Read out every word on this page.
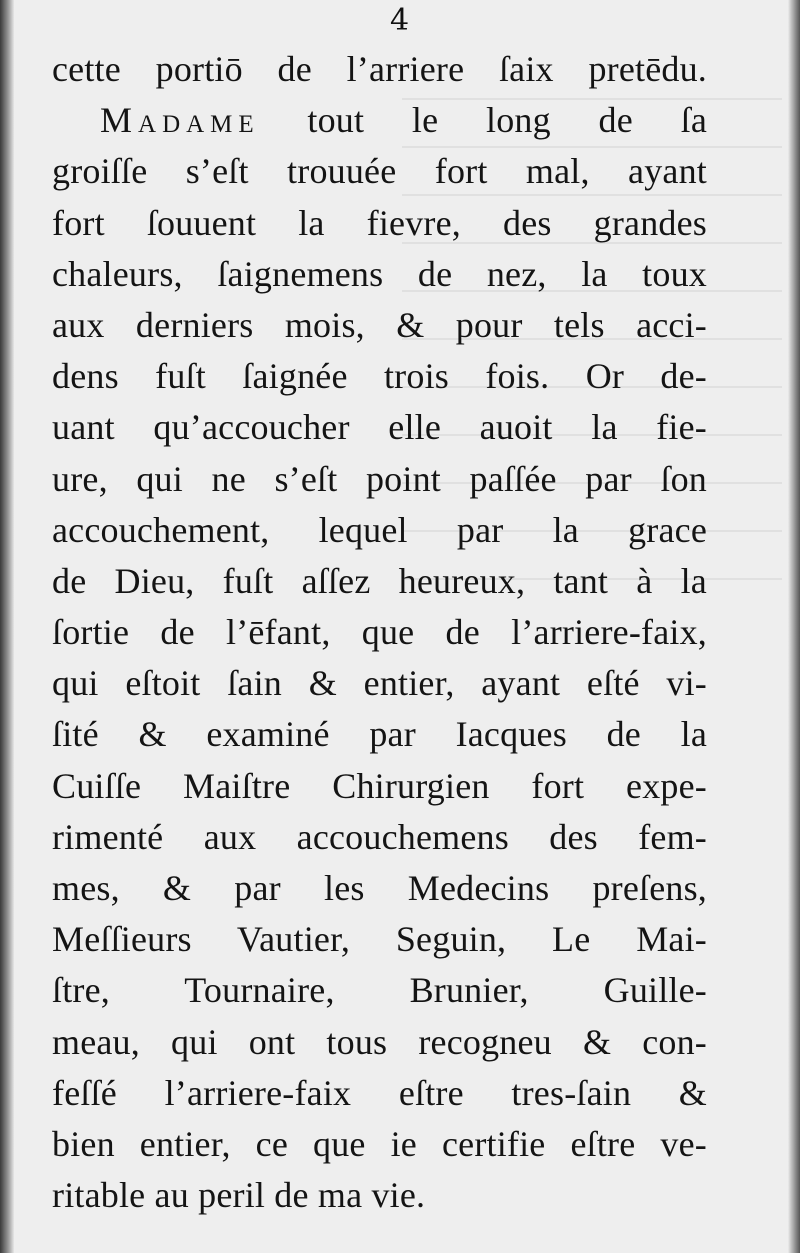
4
cette portiō de l’arriere ſaix pretēdu.
Madame tout le long de ſa
groiſſe s’eſt trouuée fort mal, ayant
fort ſouuent la fievre, des grandes
chaleurs, ſaignemens de nez, la toux
aux derniers mois, & pour tels acci-
dens fuſt ſaignée trois fois. Or de-
uant qu’accoucher elle auoit la fie-
ure, qui ne s’eſt point paſſée par ſon
accouchement, lequel par la grace
de Dieu, fuſt aſſez heureux, tant à la
ſortie de l’ēfant, que de l’arriere-faix,
qui eſtoit ſain & entier, ayant eſté vi-
ſité & examiné par Iacques de la
Cuiſſe Maiſtre Chirurgien fort expe-
rimenté aux accouchemens des fem-
mes, & par les Medecins preſens,
Meſſieurs Vautier, Seguin, Le Mai-
ſtre, Tournaire, Brunier, Guille-
meau, qui ont tous recogneu & con-
feſſé l’arriere-faix eſtre tres-ſain &
bien entier, ce que ie certifie eſtre ve-
ritable au peril de ma vie.
